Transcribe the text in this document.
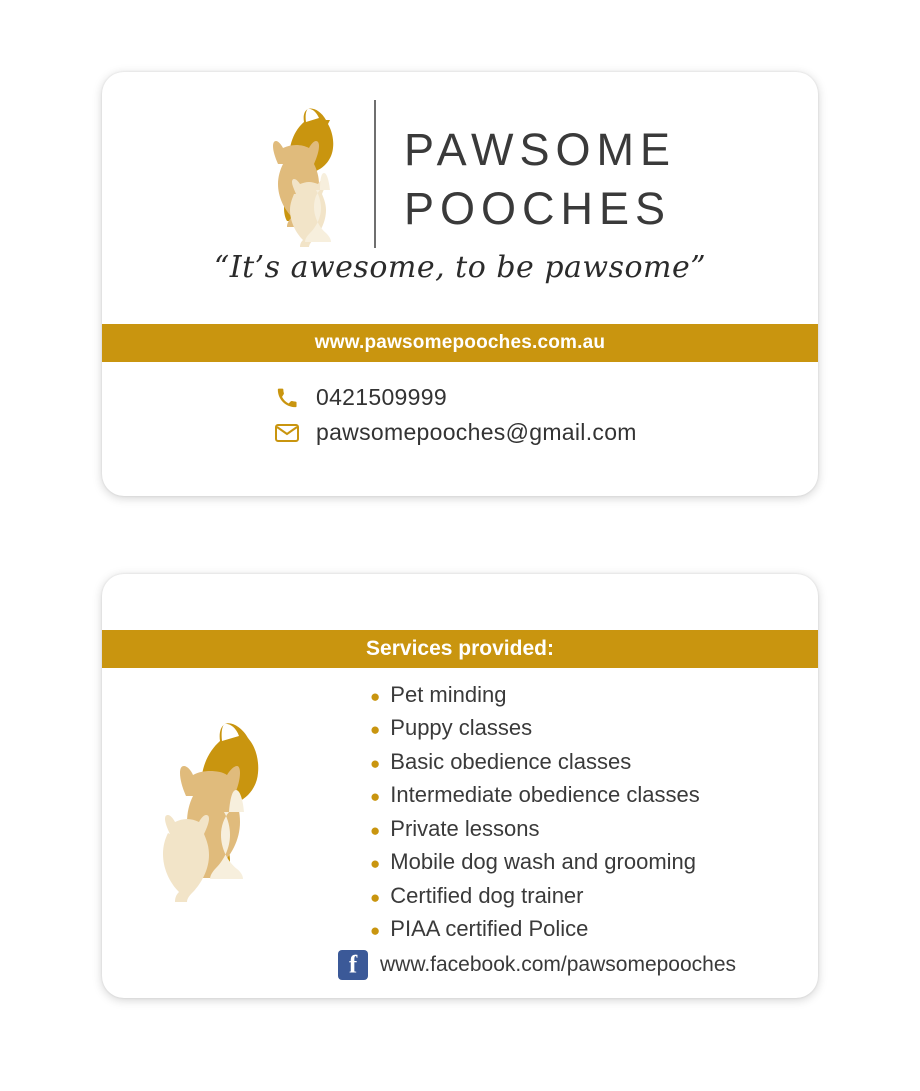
PAWSOME
POOCHES
“It’s awesome, to be pawsome”
www.pawsomepooches.com.au
0421509999
pawsomepooches@gmail.com
Services provided:
● Pet minding
● Puppy classes
● Basic obedience classes
● Intermediate obedience classes
● Private lessons
● Mobile dog wash and grooming
● Certified dog trainer
● PIAA certified Police
f
www.facebook.com/pawsomepooches
